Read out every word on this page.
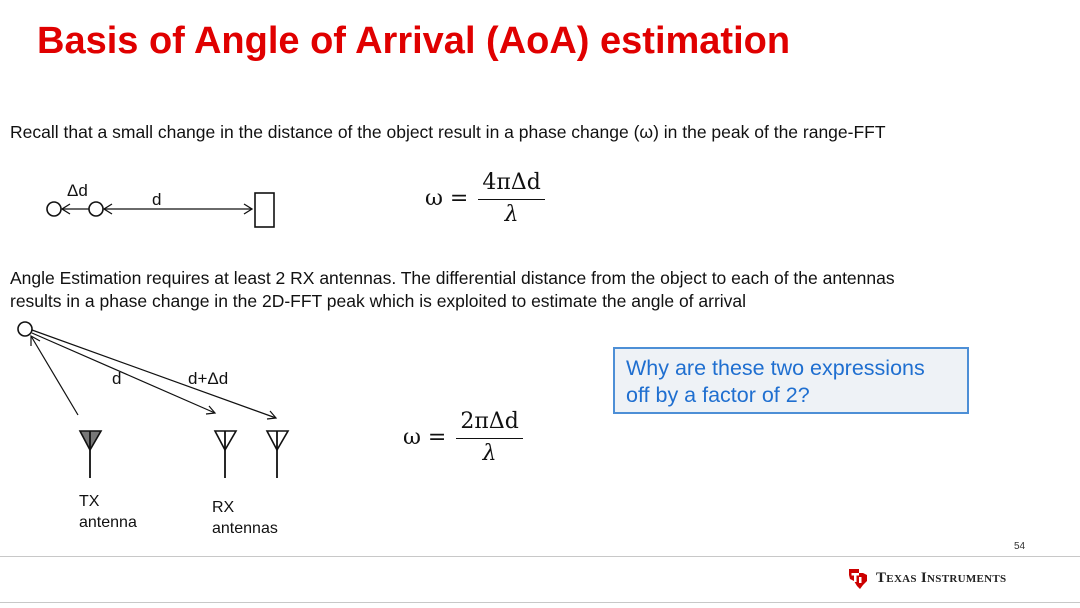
Basis of Angle of Arrival (AoA) estimation
Recall that a small change in the distance of the object result in a phase change (ω) in the peak of the range-FFT
Δd	d	$\omega = \frac{\text{4πΔd}}{\lambda}$
Angle Estimation requires at least 2 RX antennas. The differential distance from the object to each of the antennas
results in a phase change in the 2D-FFT peak which is exploited to estimate the angle of arrival
d	d+Δd
TX
antenna
RX
antennas
$\omega = \frac{\text{2πΔd}}{\lambda}$
Why are these two expressions
off by a factor of 2?
54
Texas Instruments
